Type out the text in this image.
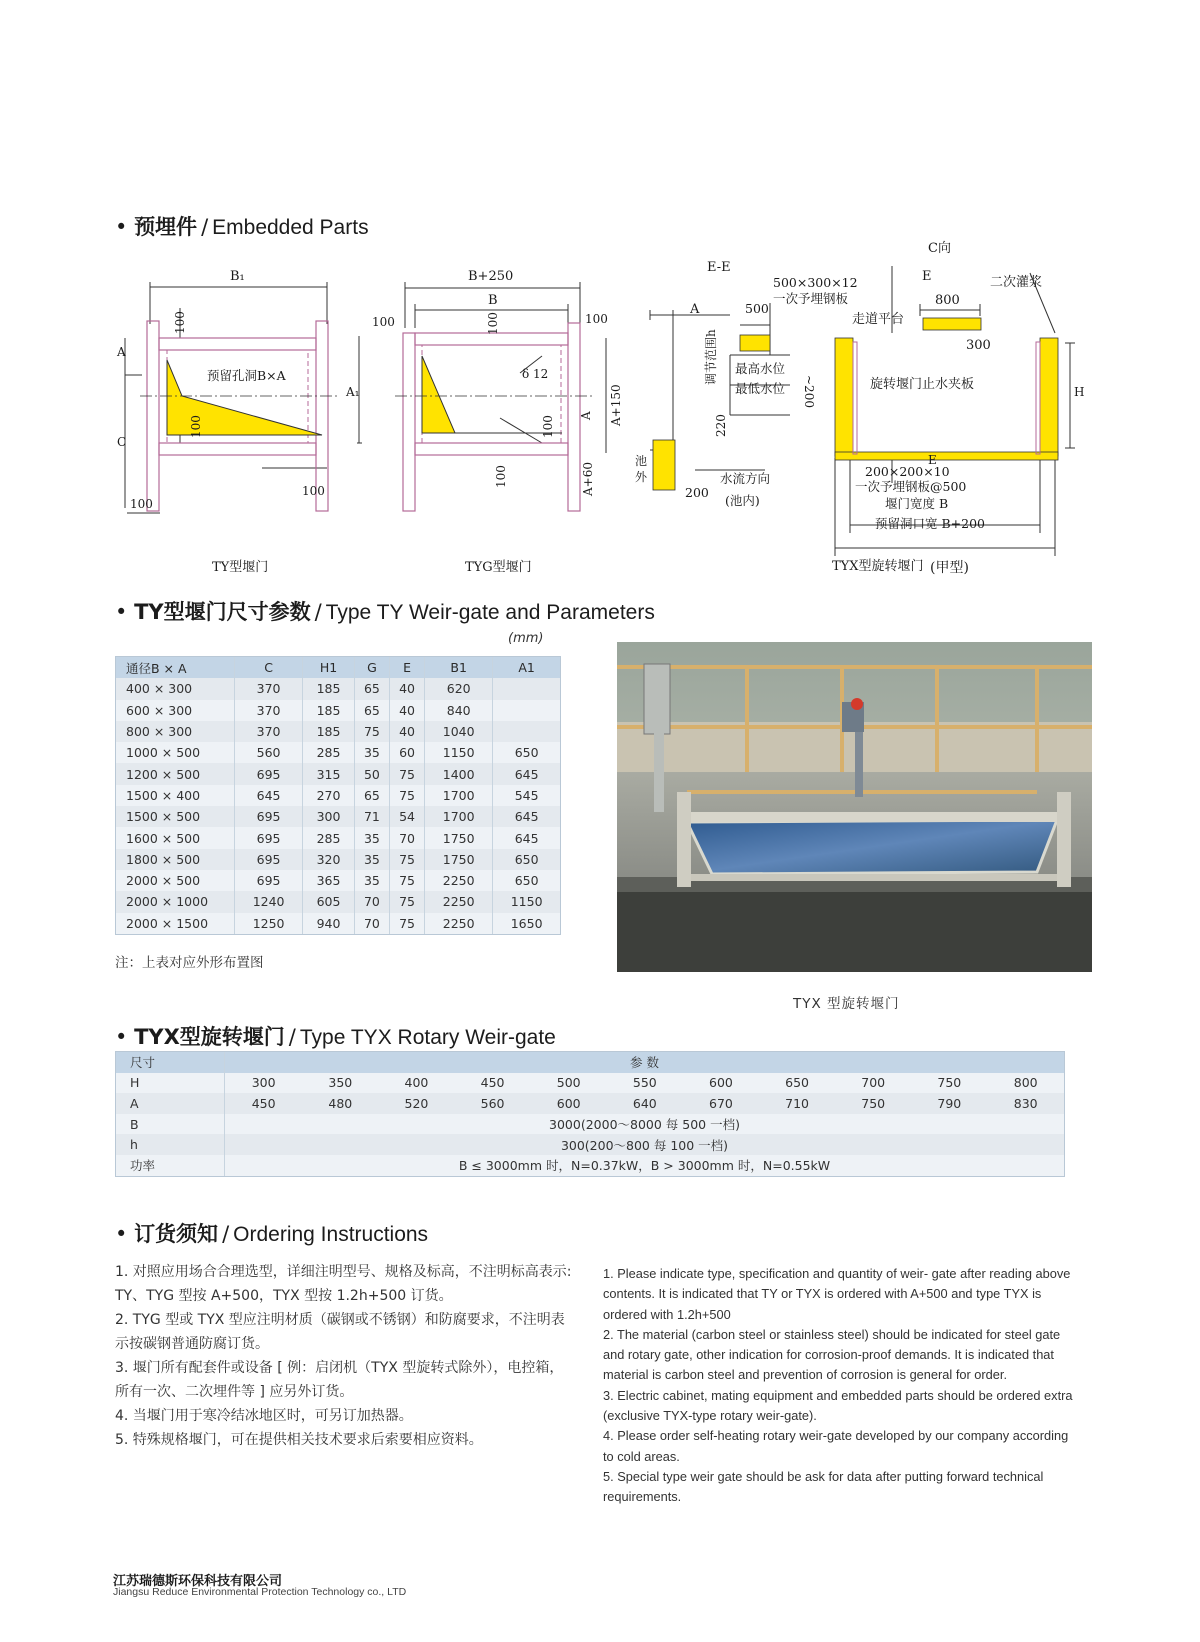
• 预埋件 / Embedded Parts
B₁
A
C
A₁
100
100
100
100
预留孔洞B×A
TY型堰门
B+250
B
100	100
100
100
100
δ 12
A A+150
A+60
TYG型堰门
E-E
A	500
500×300×12
一次予埋钢板
调节范围h 最高水位
最低水位 ~200
220
池
外
200
水流方向
(池内)
C向
E	二次灌浆
800
走道平台
300
旋转堰门止水夹板	H
E
200×200×10
一次予埋钢板@500
堰门宽度 B
预留洞口宽 B+200
TYX型旋转堰门 (甲型)
• TY型堰门尺寸参数 / Type TY Weir-gate and Parameters
(mm)
通径B × A	C	H1	G	E	B1	A1
400 × 300	370	185	65	40	620	
600 × 300	370	185	65	40	840	
800 × 300	370	185	75	40	1040	
1000 × 500	560	285	35	60	1150	650
1200 × 500	695	315	50	75	1400	645
1500 × 400	645	270	65	75	1700	545
1500 × 500	695	300	71	54	1700	645
1600 × 500	695	285	35	70	1750	645
1800 × 500	695	320	35	75	1750	650
2000 × 500	695	365	35	75	2250	650
2000 × 1000	1240	605	70	75	2250	1150
2000 × 1500	1250	940	70	75	2250	1650
注：上表对应外形布置图
TYX 型旋转堰门
• TYX型旋转堰门 / Type TYX Rotary Weir-gate
尺寸	参 数										
H	300	350	400	450	500	550	600	650	700	750	800
A	450	480	520	560	600	640	670	710	750	790	830
B	3000(2000～8000 每 500 一档)										
h	300(200～800 每 100 一档)										
功率	B ≤ 3000mm 时，N=0.37kW，B > 3000mm 时，N=0.55kW										
• 订货须知 / Ordering Instructions

1. 对照应用场合合理选型，详细注明型号、规格及标高，不注明标高表示:

TY、TYG 型按 A+500，TYX 型按 1.2h+500 订货。

2. TYG 型或 TYX 型应注明材质（碳钢或不锈钢）和防腐要求，不注明表

示按碳钢普通防腐订货。

3. 堰门所有配套件或设备 [ 例：启闭机（TYX 型旋转式除外），电控箱，

所有一次、二次埋件等 ] 应另外订货。

4. 当堰门用于寒冷结冰地区时，可另订加热器。

5. 特殊规格堰门，可在提供相关技术要求后索要相应资料。

1. Please indicate type, specification and quantity of weir- gate after reading above

contents. It is indicated that TY or TYX is ordered with A+500 and type TYX is

ordered with 1.2h+500

2. The material (carbon steel or stainless steel) should be indicated for steel gate

and rotary gate, other indication for corrosion-proof demands. It is indicated that

material is carbon steel and prevention of corrosion is general for order.

3. Electric cabinet, mating equipment and embedded parts should be ordered extra

(exclusive TYX-type rotary weir-gate).

4. Please order self-heating rotary weir-gate developed by our company according

to cold areas.

5. Special type weir gate should be ask for data after putting forward technical

requirements.

江苏瑞德斯环保科技有限公司
Jiangsu Reduce Environmental Protection Technology co., LTD
